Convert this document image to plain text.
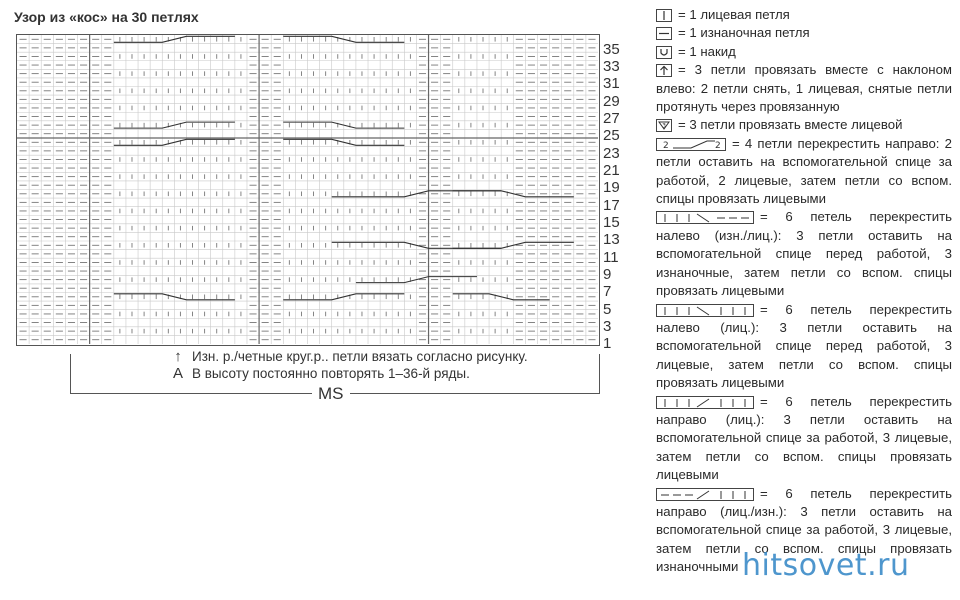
Узор из «кос» на 30 петлях
35
33
31
29
27
25
23
21
19
17
15
13
11
9
7
5
3
1
MS
↑ Изн. р./четные круг.р.. петли вязать согласно рисунку.
A В высоту постоянно повторять 1–36-й ряды.
= 1 лицевая петля
= 1 изнаночная петля
= 1 накид
= 3 петли провязать вместе с наклоном влево: 2 петли снять, 1 лицевая, снятые петли протянуть через провязанную
3 = 3 петли провязать вместе лицевой
2	2 = 4 петли перекрестить направо: 2 петли оставить на вспомогательной спице за работой, 2 лицевые, затем петли со вспом. спицы провязать лицевыми
= 6 петель перекрестить налево (изн./лиц.): 3 петли оставить на вспомогательной спице перед работой, 3 изнаночные, затем петли со вспом. спицы провязать лицевыми
= 6 петель перекрестить налево (лиц.): 3 петли оставить на вспомогательной спице перед работой, 3 лицевые, затем петли со вспом. спицы провязать лицевыми
= 6 петель перекрестить направо (лиц.): 3 петли оставить на вспомогательной спице за работой, 3 лицевые, затем петли со вспом. спицы провязать лицевыми
= 6 петель перекрестить направо (лиц./изн.): 3 петли оставить на вспомогательной спице за работой, 3 лицевые, затем петли со вспом. спицы провязать изнаночными hitsovet.ru
